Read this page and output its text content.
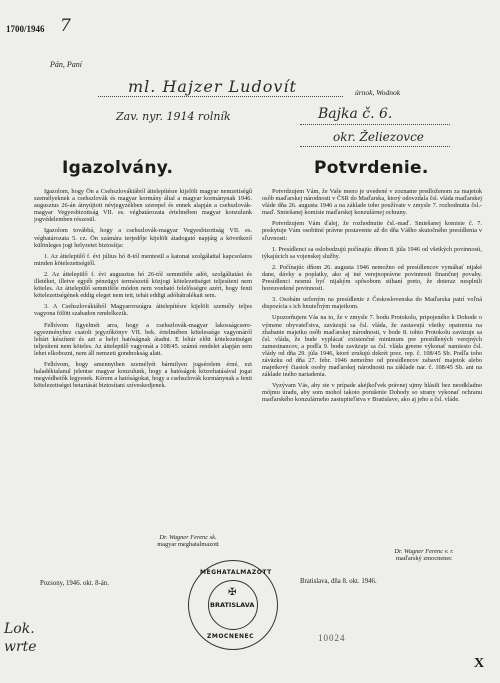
1700/1946 7
Pán, Paní
ml. Hajzer Ludovít	úrnok, Wodnok
Zav. nyr. 1914 rolník	Bajka č. 6.
okr. Želiezovce
Igazolvány.	Potvrdenie.

Igazolom, hogy Ön a Csehszlovákiából áttelepítésre kijelölt magyar nemzetiségű személyeknek a csehszlovák és magyar kormány által a magyar kormánynak 1946. augusztus 26-án átnyújtott névjegyzékben szerepel és ennek alapján a csehszlovák-magyar Vegyesbizottság VII. es. végbatározata értelmében magyar konzulunk jogvédelemben részesül.

Igazolom továbbá, hogy a csehszlovák-magyar Vegyesbizottság VII. es. végbatározata 5. cz. Ön számára terjedője kijelölt átadogató napjáig a következő különleges jogi helyzetet biztosítja:

1. Az áttelepülő f. évi július hó 8-tól mentesül a katonai szolgálattal kapcsolatos minden kötelezettségtől.

2. Az áttelepülő f. évi augusztus hó 26-tól semmiféle adót, szolgáltatást és illetéket, illetve egyéb pénzügyi természetű közjogi kötelezettséget teljesíteni nem köteles. Az áttelepülő semmiféle módon nem vonható felelősségre azért, hogy fenti kötelezettségének eddig eleget nem tett, tehát eddigi adóhátralékait sem.

3. A Csehszlovákiából Magyarországra áttelepítésre kijelölt személy teljes vagyona fölött szabadon rendelkezik.

Felhívom figyelmét arra, hogy a csehszlovák-magyar lakosságcsere-egyezményhez csatolt jegyzőkönyv VII. bek. értelmében kötelessége vagyonáról leltárt készíteni és azt a helyi hatóságnak átadni. E leltár előtt kötelezettséget teljesíteni nem köteles. Az áttelepülő vagyonát a 108/45. számú rendelet alapján sem lehet elkobozni, nem áll nemzeti gondnokság alatt.

Felhívom, hogy amennyiben személyét bármilyen jogsérelem érné, ezt haladéktalanul jelentse magyar konzulunk, hogy a hatóságok közrehatásával jogai megvédhetők legyenek. Kérem a hatóságokat, hogy a csehszlovák kormánynak a fenti kötelezettségei betartását biztosítani szíveskedjenek.

Potvrdzujem Vám, že Vaše meno je uvedené v zozname predloženom za majetok osôb maďarskej národnosti v ČSR do Maďarska, ktorý odovzdala čsl. vláda maďarskej vláde dňa 26. augusta 1946 a na základe toho používate v zmysle 7. rozhodnutia čsl.-maď. Smiešanej komisie maďarskej konzulárnej ochrany.

Potvrdzujem Vám ďalej, že rozhodnutie čsl.-maď. Smiešanej komisie č. 7. poskytuje Vám osobitné právne postavenie až do dňa Vášho skutočného presídlenia v sľuvnosti:

1. Presídlenci sa oslobodzujú počínajúc dňom 8. júla 1946 od všetkých povinností, týkajúcich sa vojenskej služby.

2. Počínajúc dňom 26. augusta 1946 nemožno od presídlencov vymáhať nijaké dane, dávky a poplatky, ako aj iné verejnoprávne povinnosti finančnej povahy. Presídlenci nesmú byť nijakým spôsobom stíhaní preto, že doteraz nesplnili horeuvedené povinnosti.

3. Osobám určeným na presídlenie z Československa do Maďarska patrí voľná dispozícia s ich hnuteľným majetkom.

Upozorňujem Vás na to, že v zmysle 7. bodu Protokolu, pripojeného k Dohode o výmene obyvateľstva, zaväzujú sa čsl. vláda, že zastavujú všetky opatrenia na zhabanie majetku osôb maďarskej národnosti, v bode 8. tohto Protokolu zaväzuje sa čsl. vláda, že bude vyplácať existenčné minimum pre presídlených verejných zamestnancov, a podľa 9. bodu zaväzuje sa čsl. vláda greene výkonať namiesto čsl. vlády od dňa 29. júla 1946, ktoré zrušujú dekrét prez. rep. č. 108/45 Sb. Podľa toho záväzku od dňa 27. febr. 1946 nemožno od presídlencov zabaviť majetok alebo majetkový čiastok osoby maďarskej národnosti na základe nar. č. 108/45 Sb. ani na základe iného nariadenia.

Vyzývam Vás, aby ste v prípade akéjkoľvek právnej ujmy hlásili bez neodkladno mójmu úradu, aby som mohol takoto porušenie Dohody so strany vykonať ochranu maďarského konzulárneho zastupiteľstva v Bratislave, ako aj jeho a čsl. vláde.

Dr. Wagner Ferenc sk.
magyar meghatalmazott
Dr. Wagner Ferenc v. r.
maďarský zmocnenec
Pozsony, 1946. okt. 8-án.	Bratislava, dňa 8. okt. 1946.
MEGHATALMAZOTT
BRATISLAVA
ZMOCNENEC
✠
Lok. wrte
10024
X
